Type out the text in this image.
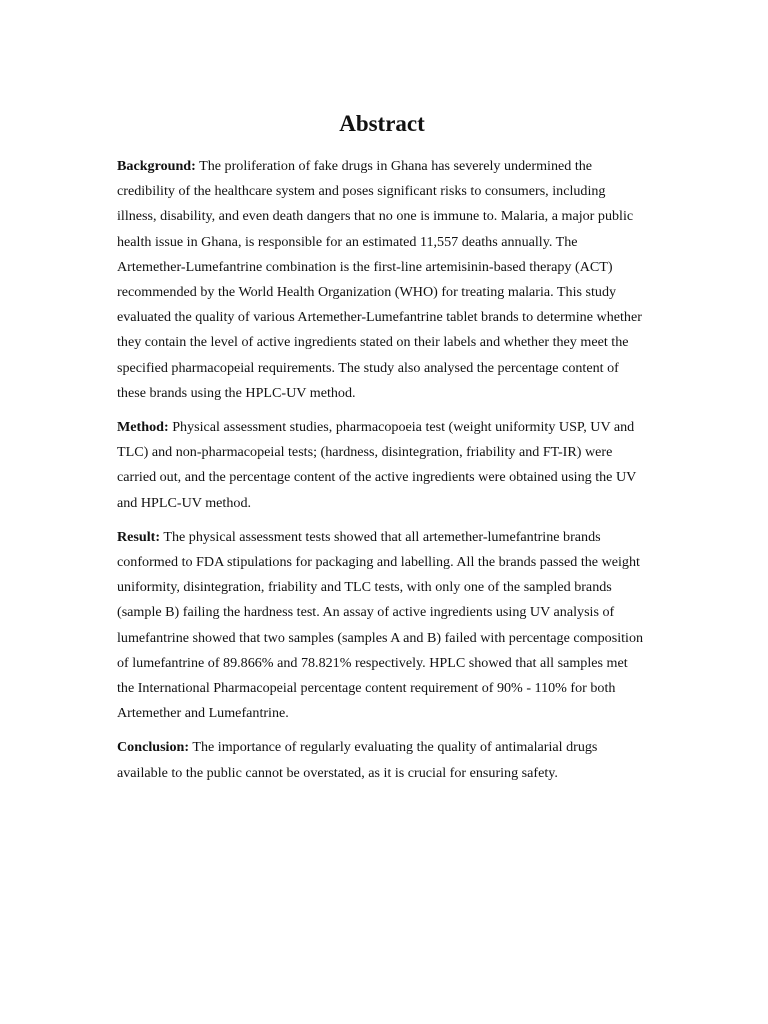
Abstract

Background: The proliferation of fake drugs in Ghana has severely undermined the credibility of the healthcare system and poses significant risks to consumers, including illness, disability, and even death dangers that no one is immune to. Malaria, a major public health issue in Ghana, is responsible for an estimated 11,557 deaths annually. The Artemether-Lumefantrine combination is the first-line artemisinin-based therapy (ACT) recommended by the World Health Organization (WHO) for treating malaria. This study evaluated the quality of various Artemether-Lumefantrine tablet brands to determine whether they contain the level of active ingredients stated on their labels and whether they meet the specified pharmacopeial requirements. The study also analysed the percentage content of these brands using the HPLC-UV method.

Method: Physical assessment studies, pharmacopoeia test (weight uniformity USP, UV and TLC) and non-pharmacopeial tests; (hardness, disintegration, friability and FT-IR) were carried out, and the percentage content of the active ingredients were obtained using the UV and HPLC-UV method.

Result: The physical assessment tests showed that all artemether-lumefantrine brands conformed to FDA stipulations for packaging and labelling. All the brands passed the weight uniformity, disintegration, friability and TLC tests, with only one of the sampled brands (sample B) failing the hardness test. An assay of active ingredients using UV analysis of lumefantrine showed that two samples (samples A and B) failed with percentage composition of lumefantrine of 89.866% and 78.821% respectively. HPLC showed that all samples met the International Pharmacopeial percentage content requirement of 90% - 110% for both Artemether and Lumefantrine.

Conclusion: The importance of regularly evaluating the quality of antimalarial drugs available to the public cannot be overstated, as it is crucial for ensuring safety.
